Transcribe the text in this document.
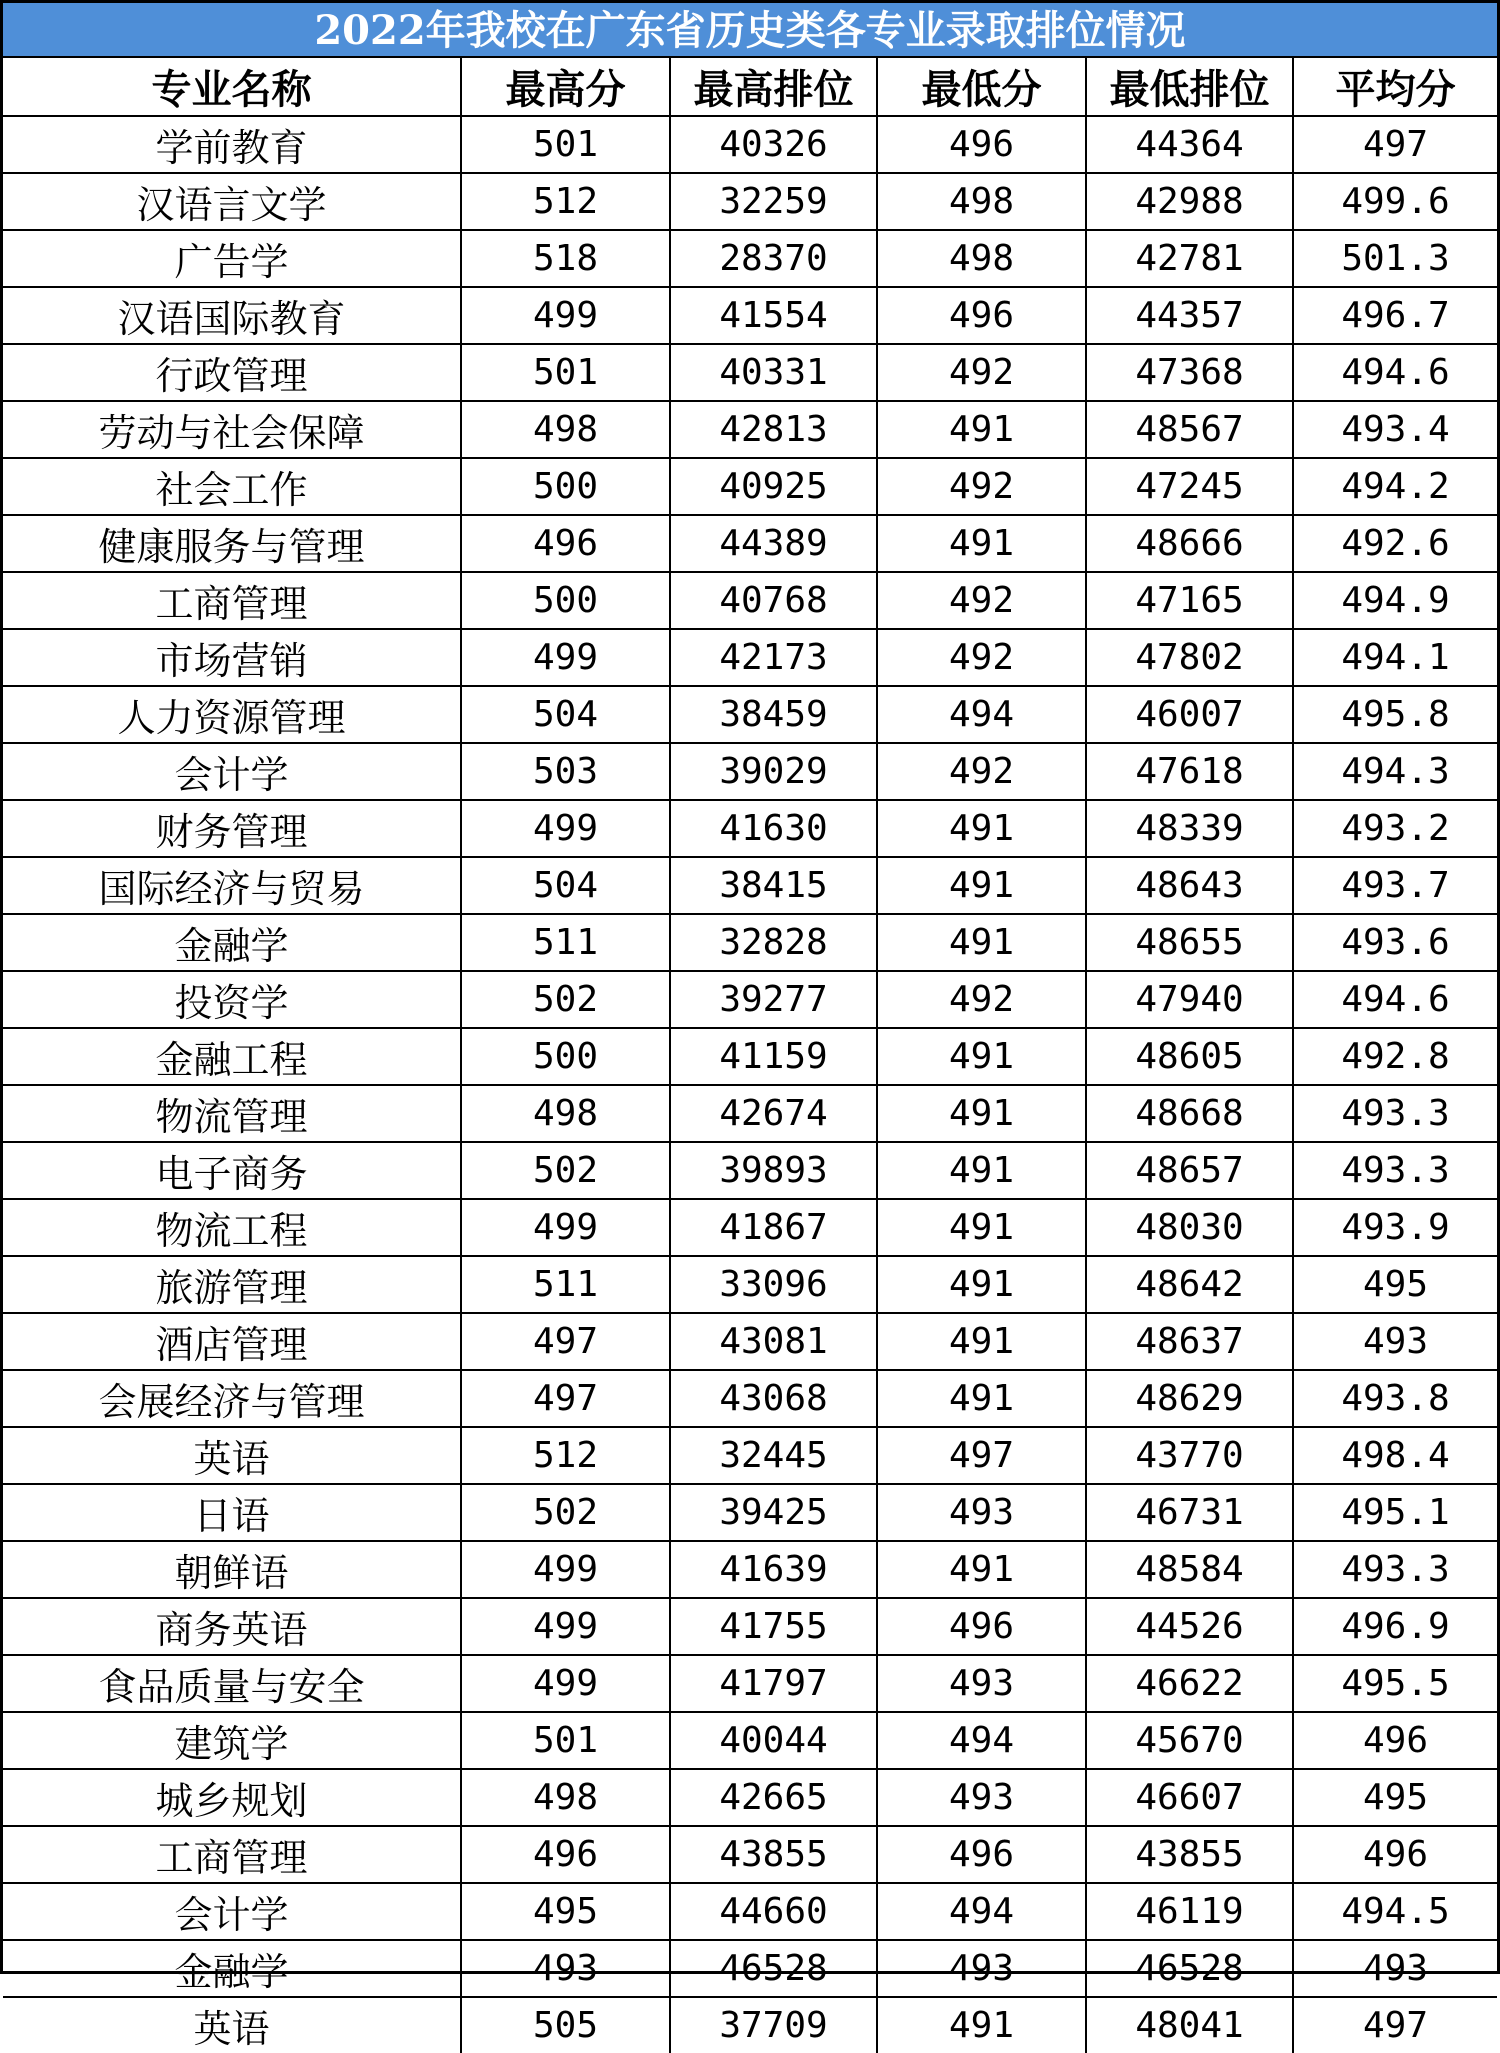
2022年我校在广东省历史类各专业录取排位情况
专业名称	最高分	最高排位	最低分	最低排位	平均分
学前教育	501	40326	496	44364	497
汉语言文学	512	32259	498	42988	499.6
广告学	518	28370	498	42781	501.3
汉语国际教育	499	41554	496	44357	496.7
行政管理	501	40331	492	47368	494.6
劳动与社会保障	498	42813	491	48567	493.4
社会工作	500	40925	492	47245	494.2
健康服务与管理	496	44389	491	48666	492.6
工商管理	500	40768	492	47165	494.9
市场营销	499	42173	492	47802	494.1
人力资源管理	504	38459	494	46007	495.8
会计学	503	39029	492	47618	494.3
财务管理	499	41630	491	48339	493.2
国际经济与贸易	504	38415	491	48643	493.7
金融学	511	32828	491	48655	493.6
投资学	502	39277	492	47940	494.6
金融工程	500	41159	491	48605	492.8
物流管理	498	42674	491	48668	493.3
电子商务	502	39893	491	48657	493.3
物流工程	499	41867	491	48030	493.9
旅游管理	511	33096	491	48642	495
酒店管理	497	43081	491	48637	493
会展经济与管理	497	43068	491	48629	493.8
英语	512	32445	497	43770	498.4
日语	502	39425	493	46731	495.1
朝鲜语	499	41639	491	48584	493.3
商务英语	499	41755	496	44526	496.9
食品质量与安全	499	41797	493	46622	495.5
建筑学	501	40044	494	45670	496
城乡规划	498	42665	493	46607	495
工商管理	496	43855	496	43855	496
会计学	495	44660	494	46119	494.5
金融学	493	46528	493	46528	493
英语	505	37709	491	48041	497
